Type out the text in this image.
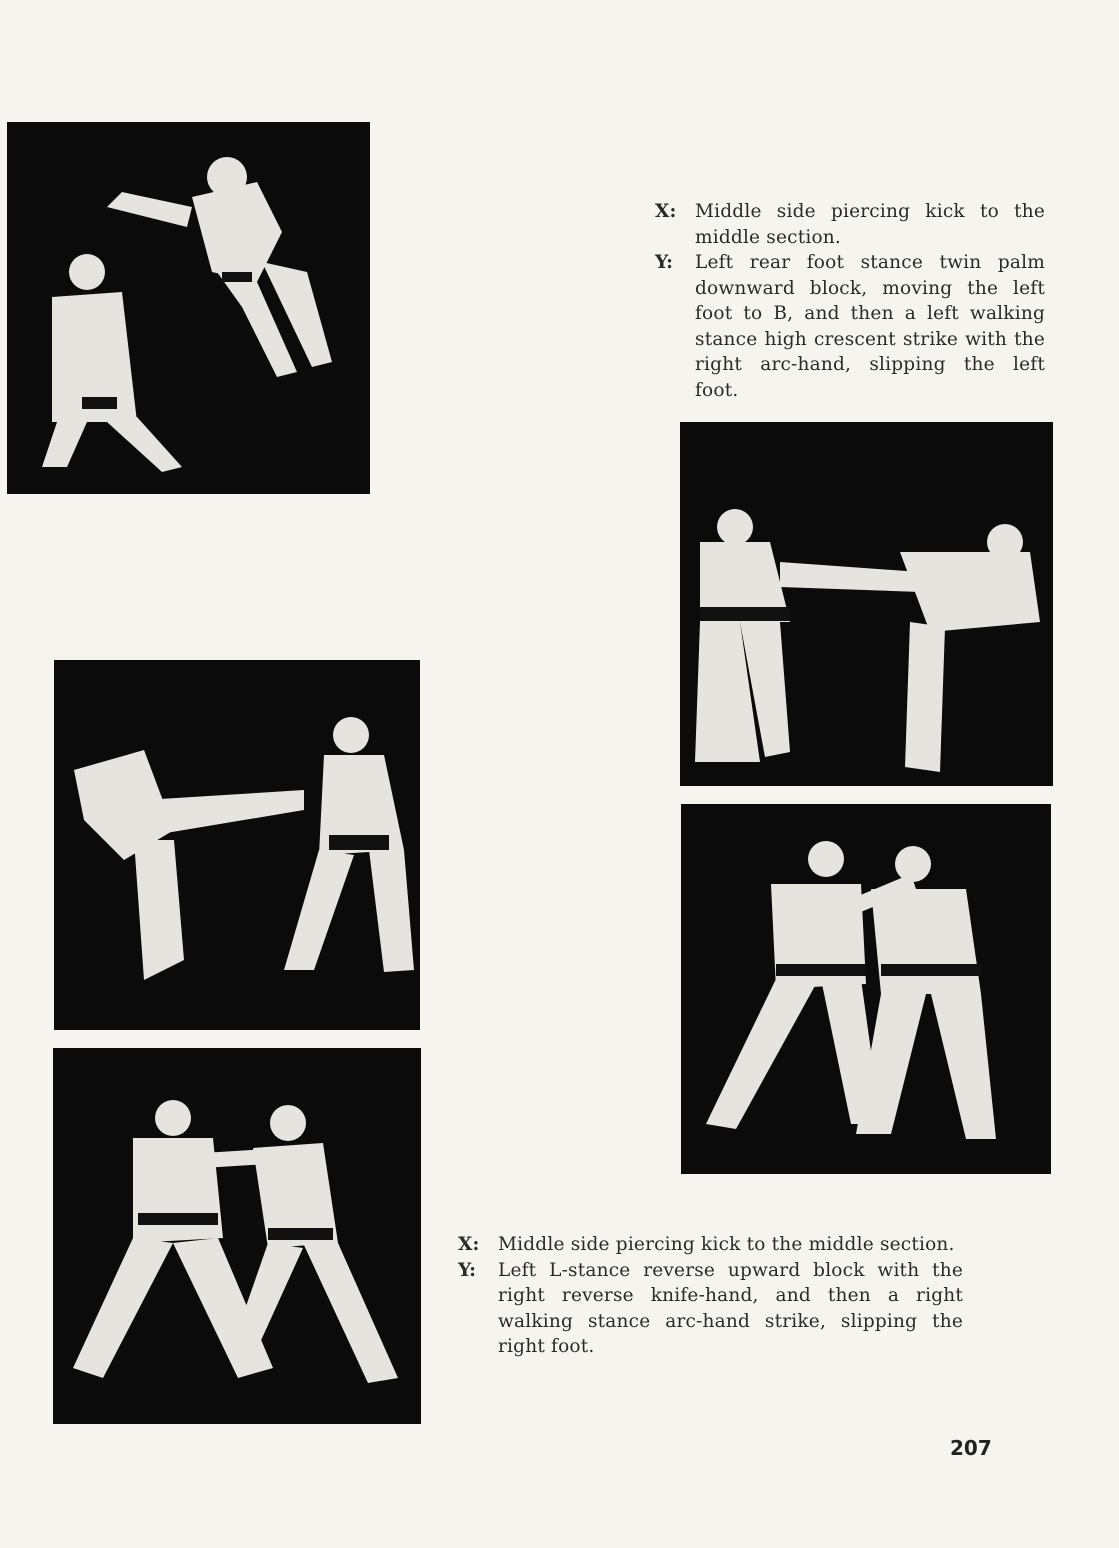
X: Middle side piercing kick to the middle section.
Y:	Left rear foot stance twin palm downward block, moving the left foot to B, and then a left walking stance high crescent strike with the right arc-hand, slipping the left foot.
X: Middle side piercing kick to the middle section.
Y:	Left L-stance reverse upward block with the right reverse knife-hand, and then a right walking stance arc-hand strike, slipping the right foot.
207
